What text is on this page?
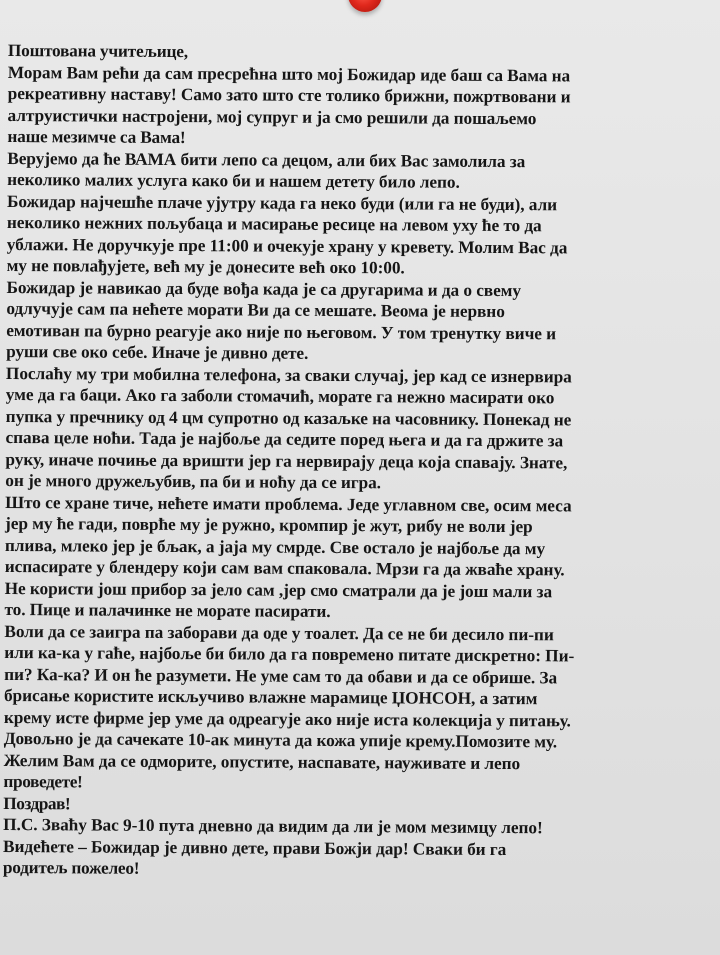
Поштована учитељице,
Морам Вам рећи да сам пресрећна што мој Божидар иде баш са Вама на
рекреативну наставу! Само зато што сте толико брижни, пожртвовани и
алтруистички настројени, мој супруг и ја смо решили да пошаљемо
наше мезимче са Вама!
Верујемо да ће ВАМА бити лепо са децом, али бих Вас замолила за
неколико малих услуга како би и нашем детету било лепо.
Божидар најчешће плаче ујутру када га неко буди (или га не буди), али
неколико нежних пољубаца и масирање ресице на левом уху ће то да
ублажи. Не доручкује пре 11:00 и очекује храну у кревету. Молим Вас да
му не повлађујете, већ му је донесите већ око 10:00.
Божидар је навикао да буде вођа када је са другарима и да о свему
одлучује сам па нећете морати Ви да се мешате. Веома је нервно
емотиван па бурно реагује ако није по његовом. У том тренутку виче и
руши све око себе. Иначе је дивно дете.
Послаћу му три мобилна телефона, за сваки случај, јер кад се изнервира
уме да га баци. Ако га заболи стомачић, морате га нежно масирати око
пупка у пречнику од 4 цм супротно од казаљке на часовнику. Понекад не
спава целе ноћи. Тада је најбоље да седите поред њега и да га држите за
руку, иначе почиње да вришти јер га нервирају деца која спавају. Знате,
он је много дружељубив, па би и ноћу да се игра.
Што се хране тиче, нећете имати проблема. Једе углавном све, осим меса
јер му ће гади, поврће му је ружно, кромпир је жут, рибу не воли јер
плива, млеко јер је бљак, а јаја му смрде. Све остало је најбоље да му
испасирате у блендеру који сам вам спаковала. Мрзи га да жваће храну.
Не користи још прибор за јело сам ,јер смо сматрали да је још мали за
то. Пице и палачинке не морате пасирати.
Воли да се заигра па заборави да оде у тоалет. Да се не би десило пи-пи
или ка-ка у гаће, најбоље би било да га повремено питате дискретно: Пи-
пи? Ка-ка? И он ће разумети. Не уме сам то да обави и да се обрише. За
брисање користите искључиво влажне марамице ЏОНСОН, а затим
крему исте фирме јер уме да одреагује ако није иста колекција у питању.
Довољно је да сачекате 10-ак минута да кожа упије крему.Помозите му.
Желим Вам да се одморите, опустите, наспавате, науживате и лепо
проведете!
Поздрав!
П.С. Зваћу Вас 9-10 пута дневно да видим да ли је мом мезимцу лепо!
Видећете – Божидар је дивно дете, прави Божји дар! Сваки би га
родитељ пожелео!
